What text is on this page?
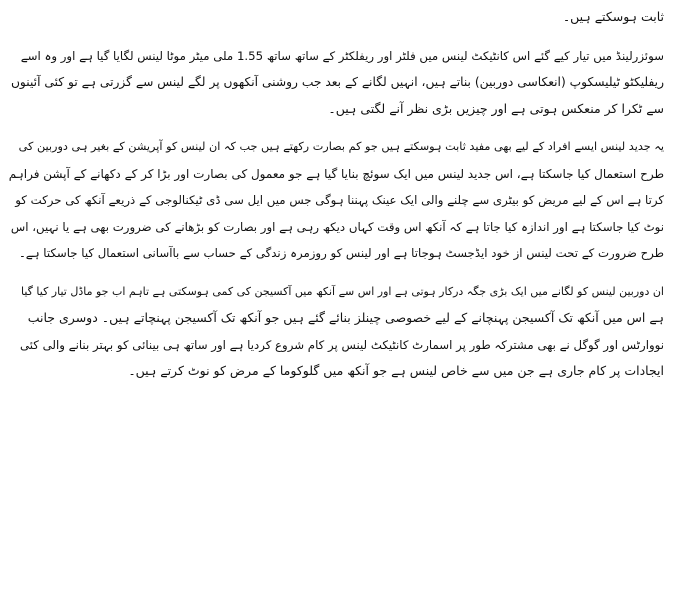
ثابت ہوسکتے ہیں۔
سوئزرلینڈ میں تیار کیے گئے اس کانٹیکٹ لینس میں فلٹر اور ریفلکٹر کے ساتھ ساتھ 1.55 ملی میٹر موٹا لینس لگایا گیا ہے اور وہ اسے
ریفلیکٹو ٹیلیسکوپ (انعکاسی دوربین) بناتے ہیں، انہیں لگانے کے بعد جب روشنی آنکھوں پر لگے لینس سے گزرتی ہے تو کئی آئینوں
سے ٹکرا کر منعکس ہوتی ہے اور چیزیں بڑی نظر آنے لگتی ہیں۔
یہ جدید لینس ایسے افراد کے لیے بھی مفید ثابت ہوسکتے ہیں جو کم بصارت رکھتے ہیں جب کہ ان لینس کو آپریشن کے بغیر ہی دوربین کی
طرح استعمال کیا جاسکتا ہے، اس جدید لینس میں ایک سوئچ بنایا گیا ہے جو معمول کی بصارت اور بڑا کر کے دکھانے کے آپشن فراہم
کرتا ہے اس کے لیے مریض کو بیٹری سے چلنے والی ایک عینک پہننا ہوگی جس میں ایل سی ڈی ٹیکنالوجی کے ذریعے آنکھ کی حرکت کو
نوٹ کیا جاسکتا ہے اور اندازہ کیا جاتا ہے کہ آنکھ اس وقت کہاں دیکھ رہی ہے اور بصارت کو بڑھانے کی ضرورت بھی ہے یا نہیں، اس
طرح ضرورت کے تحت لینس از خود ایڈجسٹ ہوجاتا ہے اور لینس کو روزمرہ زندگی کے حساب سے باآسانی استعمال کیا جاسکتا ہے۔
ان دوربین لینس کو لگانے میں ایک بڑی جگہ درکار ہوتی ہے اور اس سے آنکھ میں آکسیجن کی کمی ہوسکتی ہے تاہم اب جو ماڈل تیار کیا گیا
ہے اس میں آنکھ تک آکسیجن پہنچانے کے لیے خصوصی چینلز بنائے گئے ہیں جو آنکھ تک آکسیجن پہنچاتے ہیں۔ دوسری جانب
نووارٹس اور گوگل نے بھی مشترکہ طور پر اسمارٹ کانٹیکٹ لینس پر کام شروع کردیا ہے اور ساتھ ہی بینائی کو بہتر بنانے والی کئی
ایجادات پر کام جاری ہے جن میں سے خاص لینس ہے جو آنکھ میں گلوکوما کے مرض کو نوٹ کرتے ہیں۔
